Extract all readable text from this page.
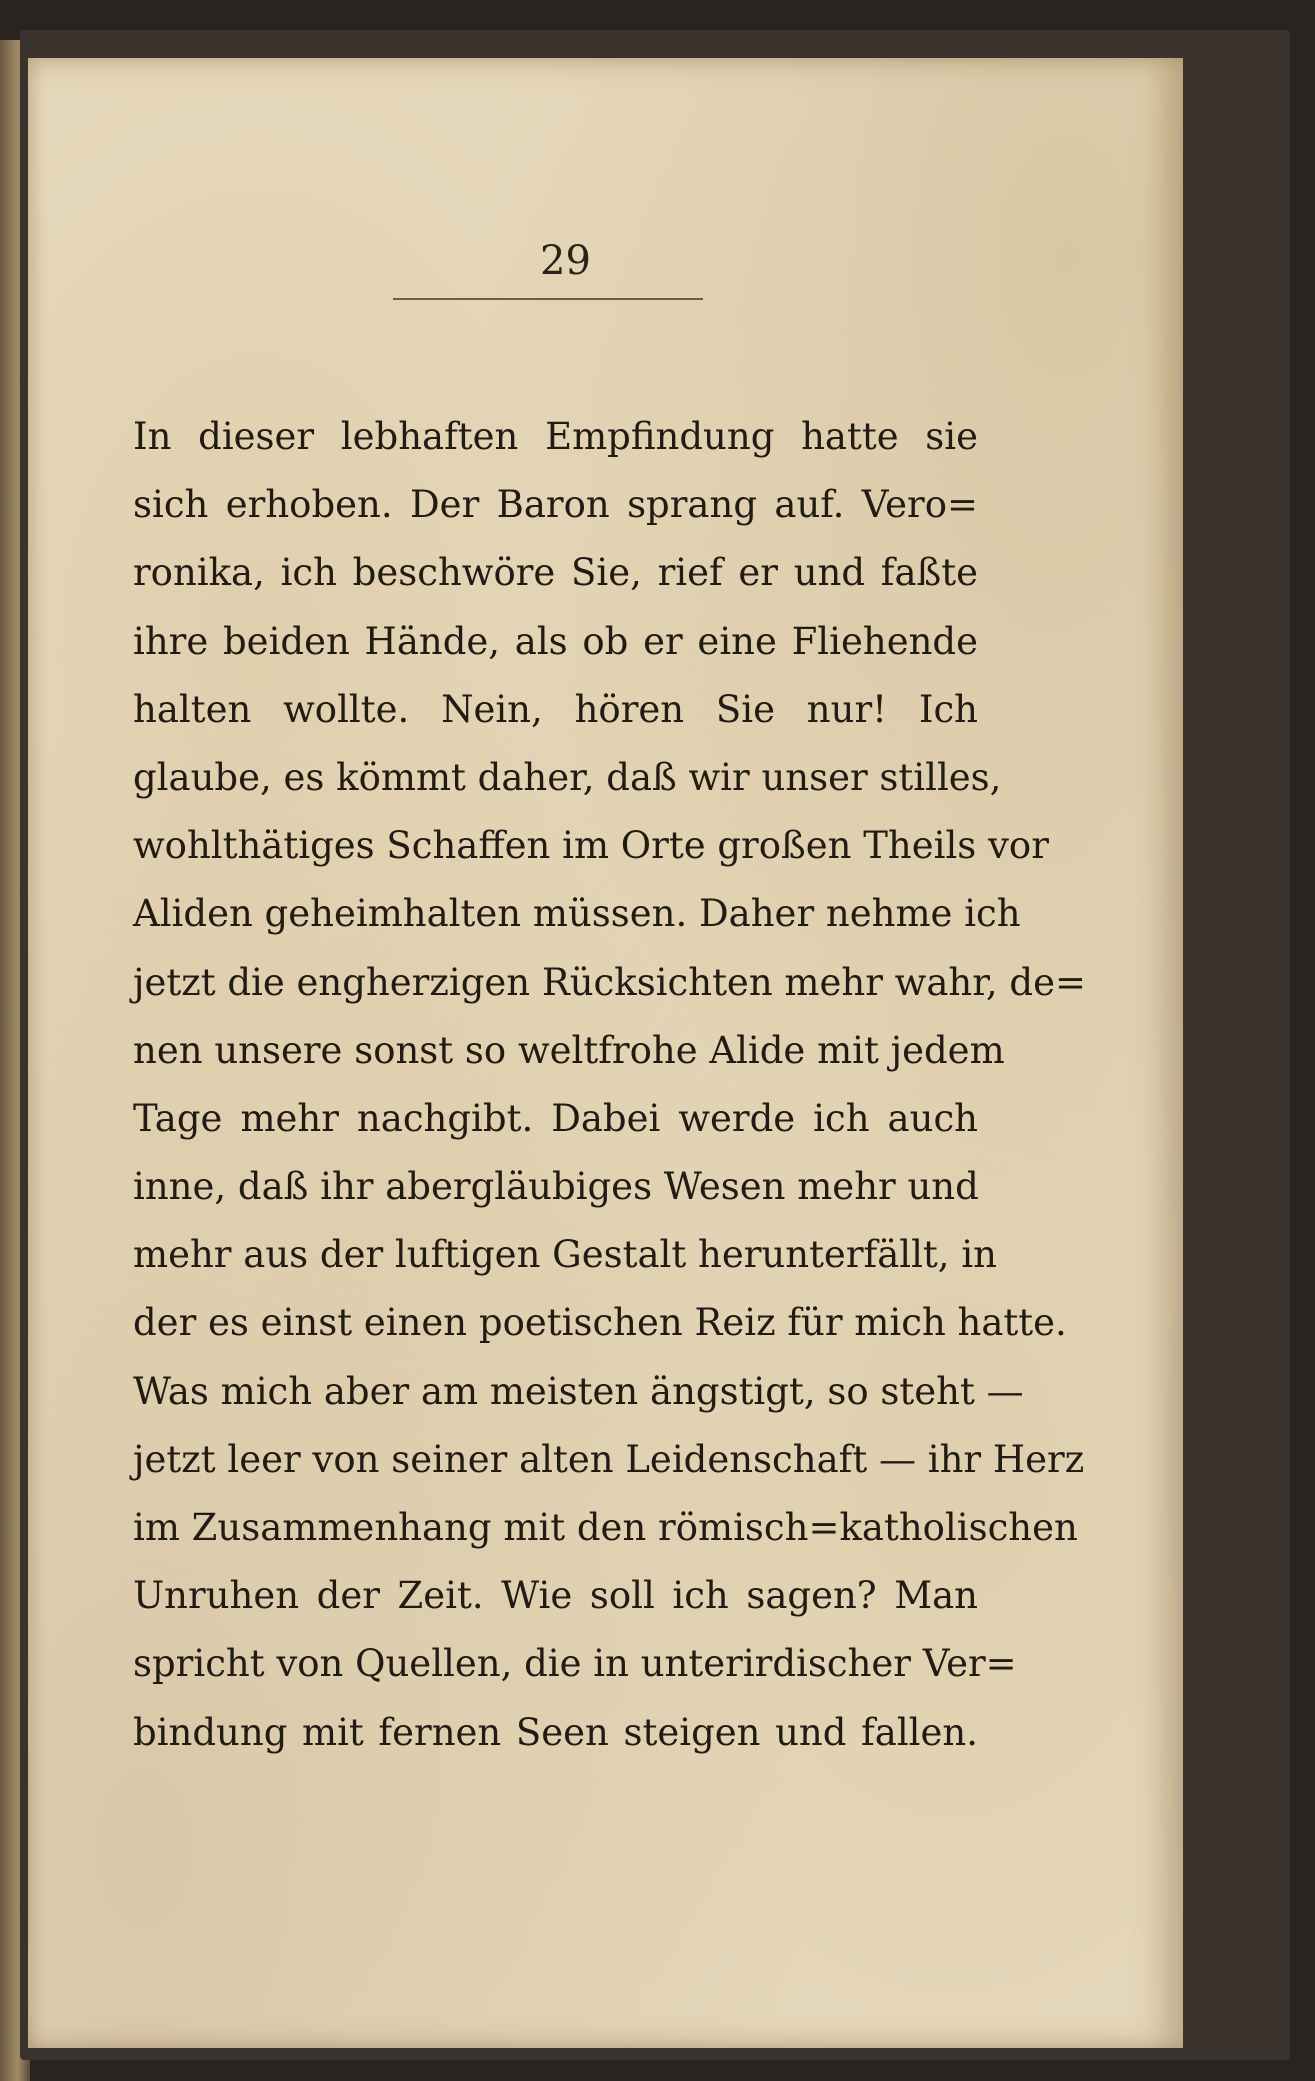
29
In dieser lebhaften Empfindung hatte sie
sich erhoben. Der Baron sprang auf. Vero=
ronika, ich beschwöre Sie, rief er und faßte
ihre beiden Hände, als ob er eine Fliehende
halten wollte. Nein, hören Sie nur! Ich
glaube, es kömmt daher, daß wir unser stilles,
wohlthätiges Schaffen im Orte großen Theils vor
Aliden geheimhalten müssen. Daher nehme ich
jetzt die engherzigen Rücksichten mehr wahr, de=
nen unsere sonst so weltfrohe Alide mit jedem
Tage mehr nachgibt. Dabei werde ich auch
inne, daß ihr abergläubiges Wesen mehr und
mehr aus der luftigen Gestalt herunterfällt, in
der es einst einen poetischen Reiz für mich hatte.
Was mich aber am meisten ängstigt, so steht —
jetzt leer von seiner alten Leidenschaft — ihr Herz
im Zusammenhang mit den römisch=katholischen
Unruhen der Zeit. Wie soll ich sagen? Man
spricht von Quellen, die in unterirdischer Ver=
bindung mit fernen Seen steigen und fallen.
